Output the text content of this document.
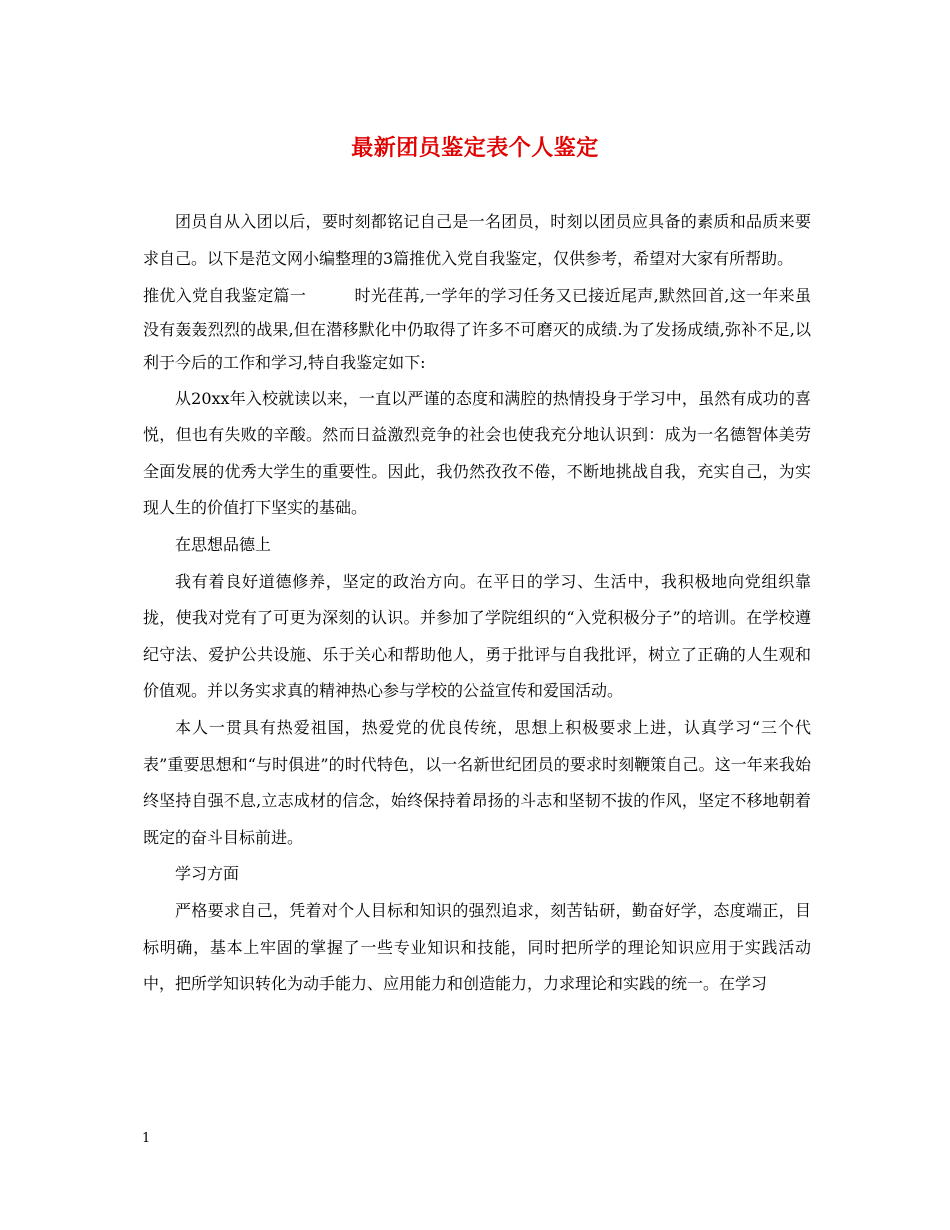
最新团员鉴定表个人鉴定

团员自从入团以后，要时刻都铭记自己是一名团员，时刻以团员应具备的素质和品质来要求自己。以下是范文网小编整理的3篇推优入党自我鉴定，仅供参考，希望对大家有所帮助。

推优入党自我鉴定篇一	时光荏苒,一学年的学习任务又已接近尾声,默然回首,这一年来虽没有轰轰烈烈的战果,但在潜移默化中仍取得了许多不可磨灭的成绩.为了发扬成绩,弥补不足,以利于今后的工作和学习,特自我鉴定如下:

从20xx年入校就读以来，一直以严谨的态度和满腔的热情投身于学习中，虽然有成功的喜悦，但也有失败的辛酸。然而日益激烈竞争的社会也使我充分地认识到：成为一名德智体美劳全面发展的优秀大学生的重要性。因此，我仍然孜孜不倦，不断地挑战自我，充实自己，为实现人生的价值打下坚实的基础。

在思想品德上

我有着良好道德修养，坚定的政治方向。在平日的学习、生活中，我积极地向党组织靠拢，使我对党有了可更为深刻的认识。并参加了学院组织的“入党积极分子”的培训。在学校遵纪守法、爱护公共设施、乐于关心和帮助他人，勇于批评与自我批评，树立了正确的人生观和价值观。并以务实求真的精神热心参与学校的公益宣传和爱国活动。

本人一贯具有热爱祖国，热爱党的优良传统，思想上积极要求上进，认真学习“三个代表”重要思想和“与时俱进”的时代特色，以一名新世纪团员的要求时刻鞭策自己。这一年来我始终坚持自强不息,立志成材的信念，始终保持着昂扬的斗志和坚韧不拔的作风，坚定不移地朝着既定的奋斗目标前进。

学习方面

严格要求自己，凭着对个人目标和知识的强烈追求，刻苦钻研，勤奋好学，态度端正，目标明确，基本上牢固的掌握了一些专业知识和技能，同时把所学的理论知识应用于实践活动中，把所学知识转化为动手能力、应用能力和创造能力，力求理论和实践的统一。在学习

1
